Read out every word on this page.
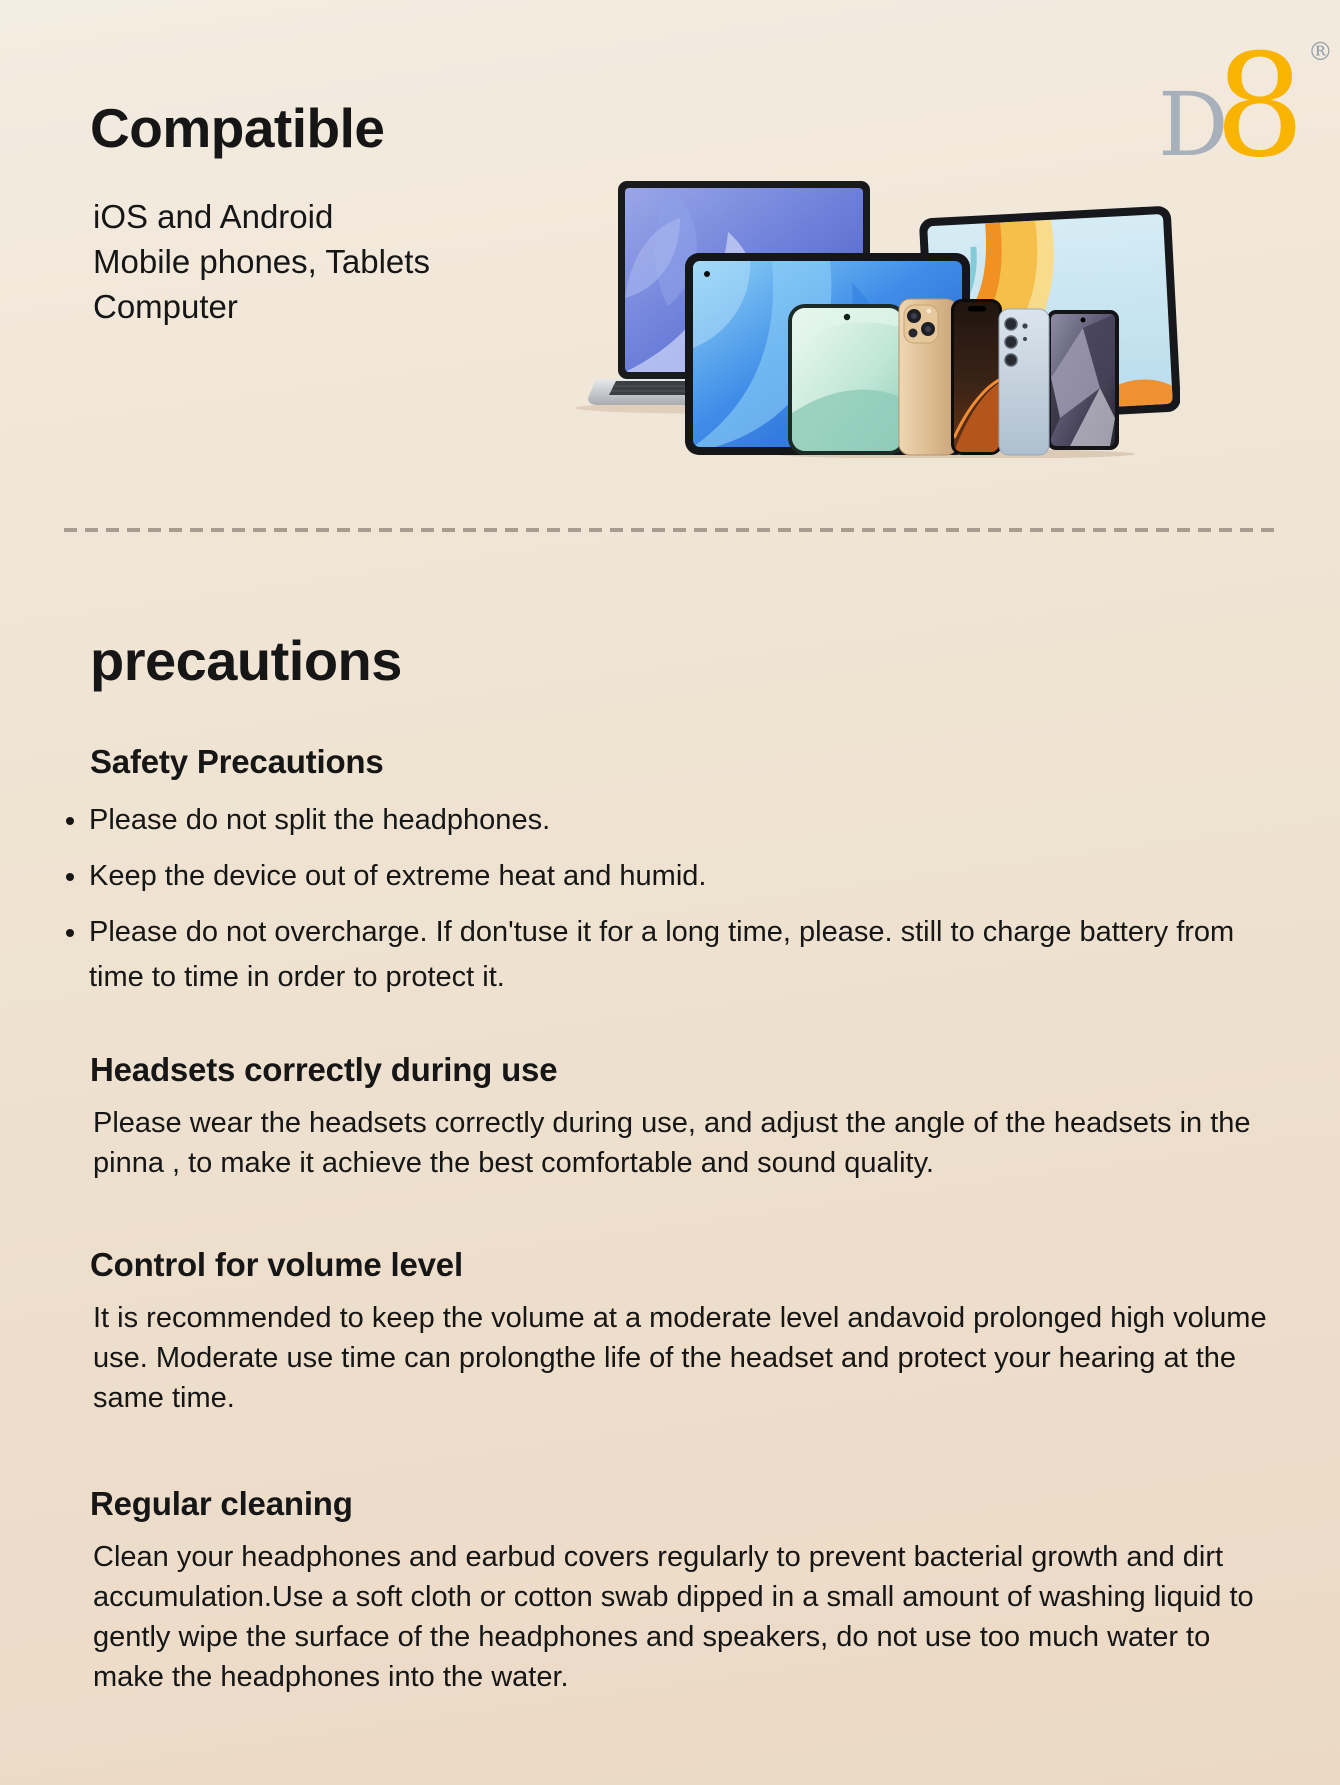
Compatible
iOS and Android
Mobile phones, Tablets
Computer
D
8 ®
precautions
Safety Precautions
Please do not split the headphones.
Keep the device out of extreme heat and humid.
Please do not overcharge. If don'tuse it for a long time, please. still to charge battery from time to time in order to protect it.
Headsets correctly during use

Please wear the headsets correctly during use, and adjust the angle of the headsets in the pinna , to make it achieve the best comfortable and sound quality.

Control for volume level

It is recommended to keep the volume at a moderate level andavoid prolonged high volume use. Moderate use time can prolongthe life of the headset and protect your hearing at the same time.

Regular cleaning

Clean your headphones and earbud covers regularly to prevent bacterial growth and dirt accumulation.Use a soft cloth or cotton swab dipped in a small amount of washing liquid to gently wipe the surface of the headphones and speakers, do not use too much water to make the headphones into the water.
